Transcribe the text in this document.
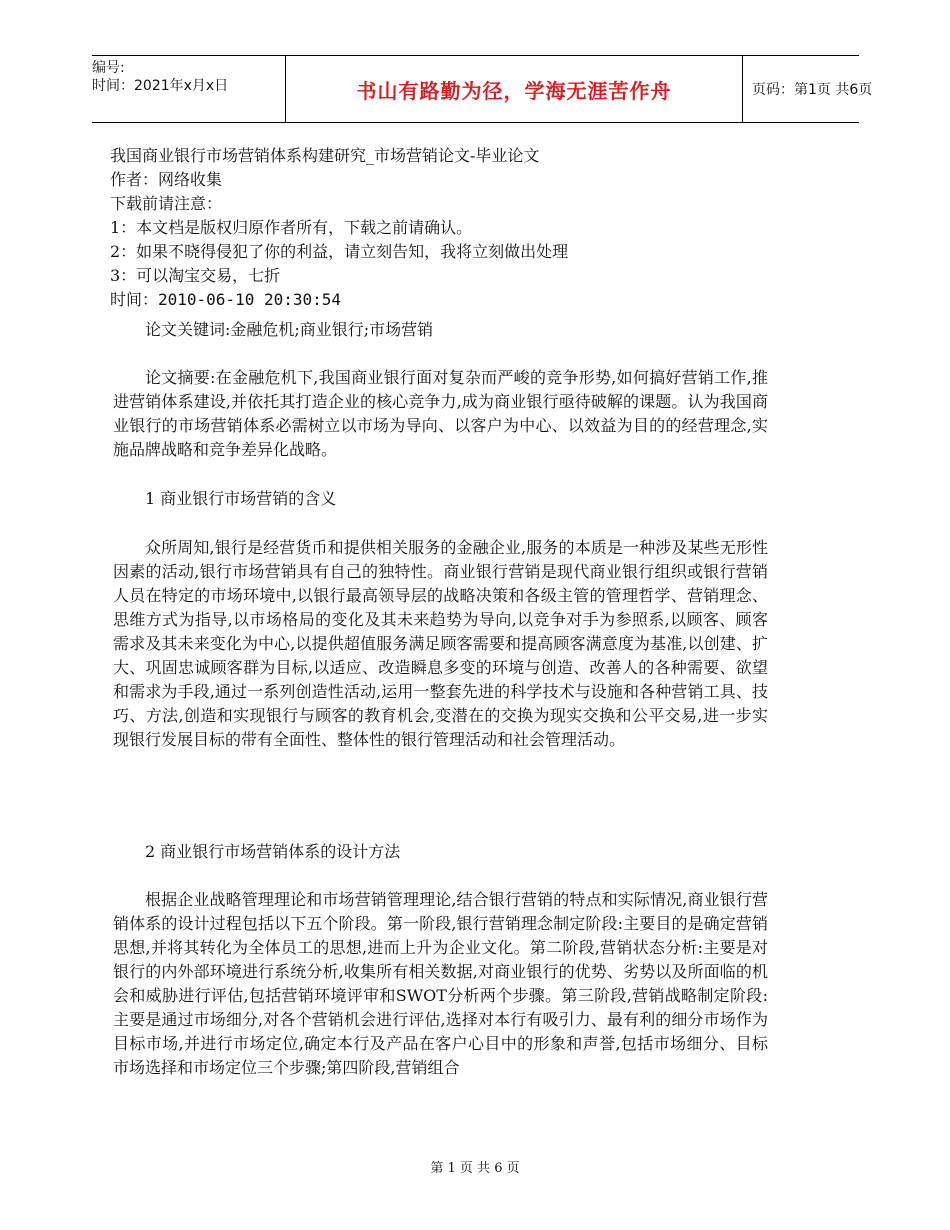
编号:
时间：2021年x月x日	书山有路勤为径，学海无涯苦作舟	页码：第1页 共6页
我国商业银行市场营销体系构建研究_市场营销论文-毕业论文
作者：网络收集
下载前请注意：
1：本文档是版权归原作者所有，下载之前请确认。
2：如果不晓得侵犯了你的利益，请立刻告知，我将立刻做出处理
3：可以淘宝交易，七折
时间：2010-06-10 20:30:54

论文关键词:金融危机;商业银行;市场营销

论文摘要:在金融危机下,我国商业银行面对复杂而严峻的竞争形势,如何搞好营销工作,推进营销体系建设,并依托其打造企业的核心竞争力,成为商业银行亟待破解的课题。认为我国商业银行的市场营销体系必需树立以市场为导向、以客户为中心、以效益为目的的经营理念,实施品牌战略和竞争差异化战略。

1 商业银行市场营销的含义

众所周知,银行是经营货币和提供相关服务的金融企业,服务的本质是一种涉及某些无形性因素的活动,银行市场营销具有自己的独特性。商业银行营销是现代商业银行组织或银行营销人员在特定的市场环境中,以银行最高领导层的战略决策和各级主管的管理哲学、营销理念、思维方式为指导,以市场格局的变化及其未来趋势为导向,以竞争对手为参照系,以顾客、顾客需求及其未来变化为中心,以提供超值服务满足顾客需要和提高顾客满意度为基准,以创建、扩大、巩固忠诚顾客群为目标,以适应、改造瞬息多变的环境与创造、改善人的各种需要、欲望和需求为手段,通过一系列创造性活动,运用一整套先进的科学技术与设施和各种营销工具、技巧、方法,创造和实现银行与顾客的教育机会,变潜在的交换为现实交换和公平交易,进一步实现银行发展目标的带有全面性、整体性的银行管理活动和社会管理活动。

2 商业银行市场营销体系的设计方法

根据企业战略管理理论和市场营销管理理论,结合银行营销的特点和实际情况,商业银行营销体系的设计过程包括以下五个阶段。第一阶段,银行营销理念制定阶段:主要目的是确定营销思想,并将其转化为全体员工的思想,进而上升为企业文化。第二阶段,营销状态分析:主要是对银行的内外部环境进行系统分析,收集所有相关数据,对商业银行的优势、劣势以及所面临的机会和威胁进行评估,包括营销环境评审和SWOT分析两个步骤。第三阶段,营销战略制定阶段:主要是通过市场细分,对各个营销机会进行评估,选择对本行有吸引力、最有利的细分市场作为目标市场,并进行市场定位,确定本行及产品在客户心目中的形象和声誉,包括市场细分、目标市场选择和市场定位三个步骤;第四阶段,营销组合

第 1 页 共 6 页
